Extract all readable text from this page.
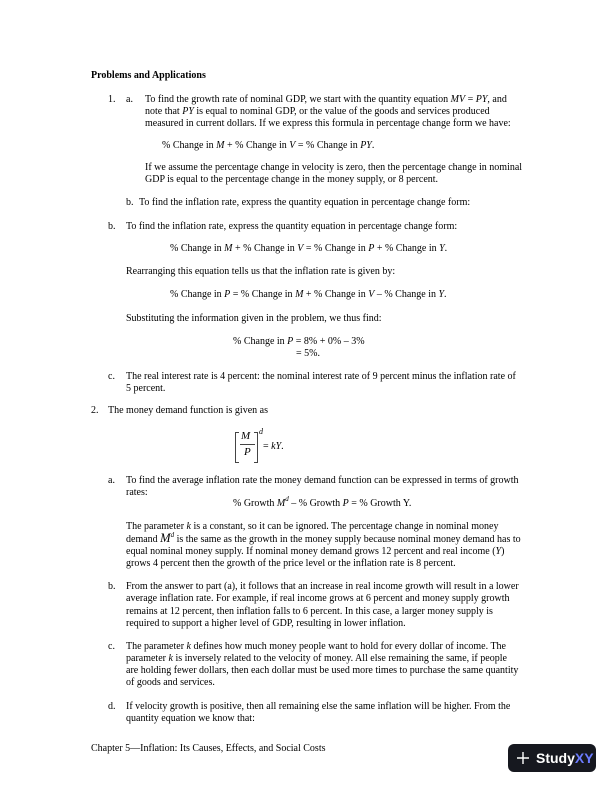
Problems and Applications
1. a. To find the growth rate of nominal GDP, we start with the quantity equation MV = PY, and
note that PY is equal to nominal GDP, or the value of the goods and services produced
measured in current dollars. If we express this formula in percentage change form we have:
% Change in M + % Change in V = % Change in PY.
If we assume the percentage change in velocity is zero, then the percentage change in nominal
GDP is equal to the percentage change in the money supply, or 8 percent.
b. To find the inflation rate, express the quantity equation in percentage change form:
b. To find the inflation rate, express the quantity equation in percentage change form:
% Change in M + % Change in V = % Change in P + % Change in Y.
Rearranging this equation tells us that the inflation rate is given by:
% Change in P = % Change in M + % Change in V – % Change in Y.
Substituting the information given in the problem, we thus find:
% Change in P = 8% + 0% – 3%
= 5%.
c. The real interest rate is 4 percent: the nominal interest rate of 9 percent minus the inflation rate of
5 percent.
2. The money demand function is given as
M
P
d
= kY.
a. To find the average inflation rate the money demand function can be expressed in terms of growth
rates:
% Growth $M^d$ – % Growth P = % Growth Y.
The parameter k is a constant, so it can be ignored. The percentage change in nominal money
demand $M^d$ is the same as the growth in the money supply because nominal money demand has to
equal nominal money supply. If nominal money demand grows 12 percent and real income (Y)
grows 4 percent then the growth of the price level or the inflation rate is 8 percent.
b. From the answer to part (a), it follows that an increase in real income growth will result in a lower
average inflation rate. For example, if real income grows at 6 percent and money supply growth
remains at 12 percent, then inflation falls to 6 percent. In this case, a larger money supply is
required to support a higher level of GDP, resulting in lower inflation.
c. The parameter k defines how much money people want to hold for every dollar of income. The
parameter k is inversely related to the velocity of money. All else remaining the same, if people
are holding fewer dollars, then each dollar must be used more times to purchase the same quantity
of goods and services.
d. If velocity growth is positive, then all remaining else the same inflation will be higher. From the
quantity equation we know that:
Chapter 5—Inflation: Its Causes, Effects, and Social Costs
StudyXY
